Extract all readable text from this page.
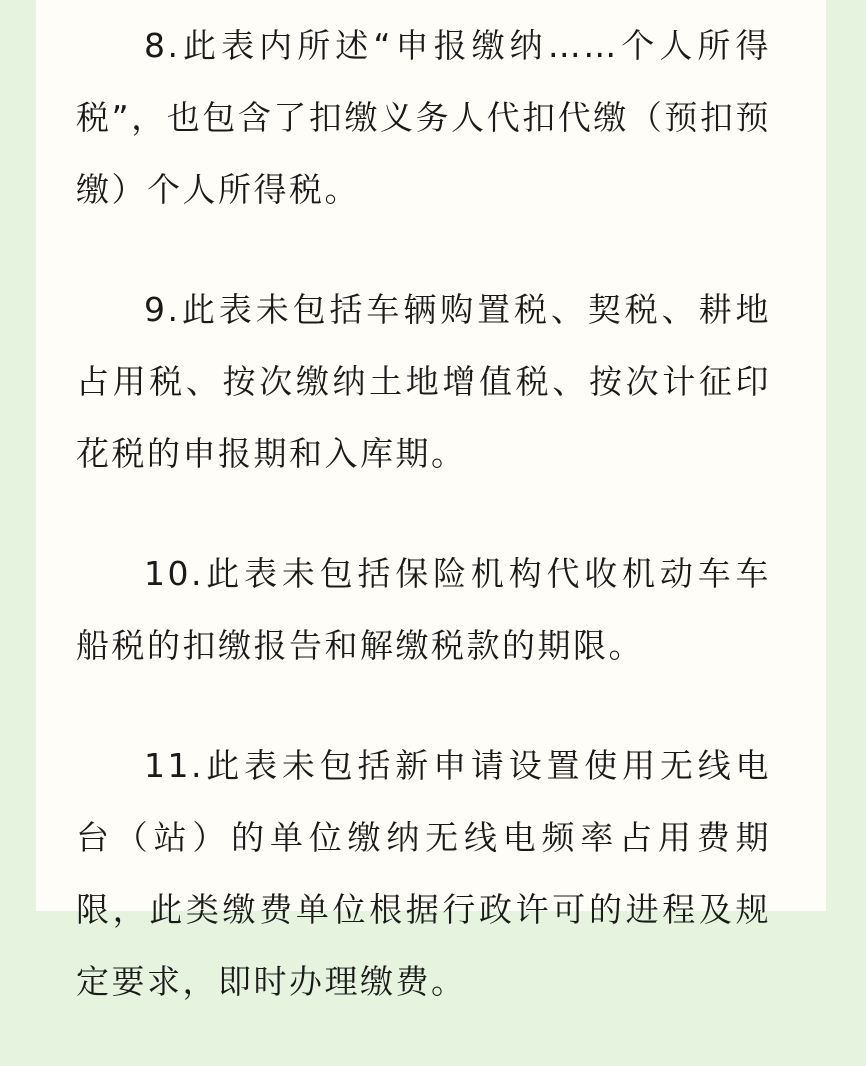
8.此表内所述“申报缴纳……个人所得税”，也包含了扣缴义务人代扣代缴（预扣预缴）个人所得税。

9.此表未包括车辆购置税、契税、耕地占用税、按次缴纳土地增值税、按次计征印花税的申报期和入库期。

10.此表未包括保险机构代收机动车车船税的扣缴报告和解缴税款的期限。

11.此表未包括新申请设置使用无线电台（站）的单位缴纳无线电频率占用费期限，此类缴费单位根据行政许可的进程及规定要求，即时办理缴费。
